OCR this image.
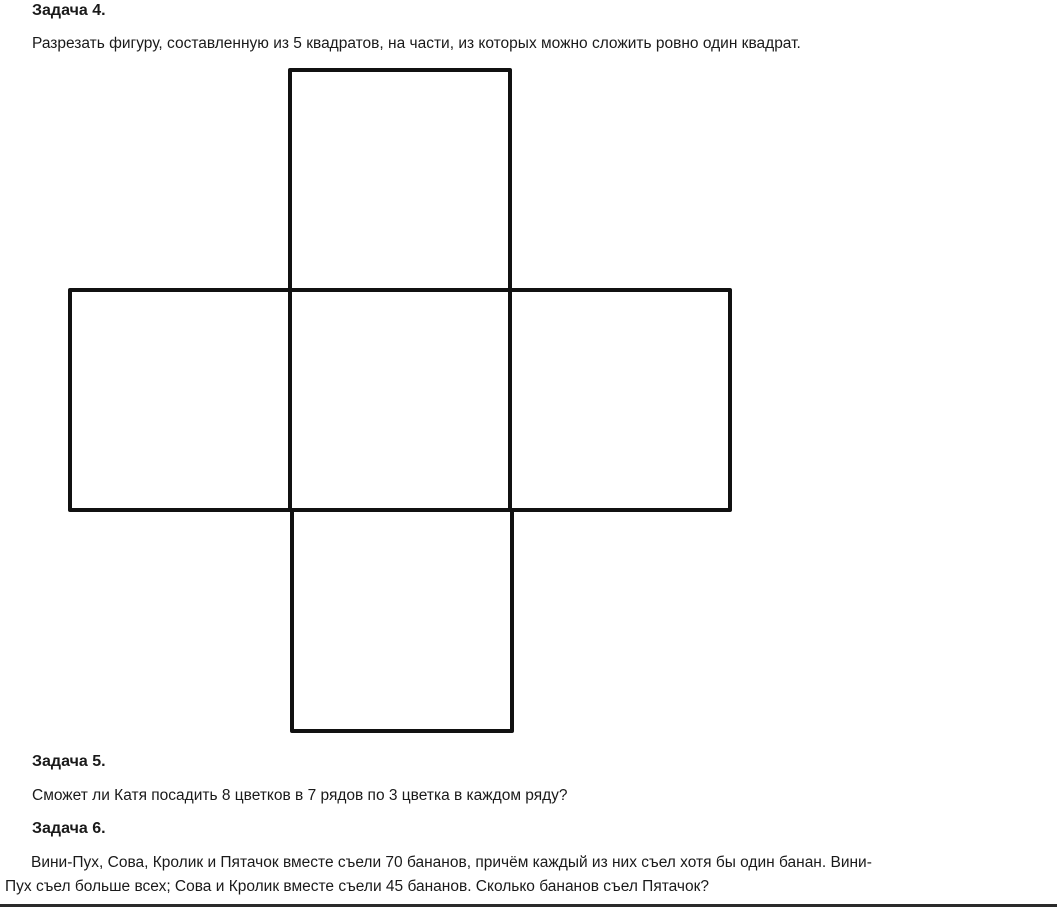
Задача 4.
Разрезать фигуру, составленную из 5 квадратов, на части, из которых можно сложить ровно один квадрат.
Задача 5.
Сможет ли Катя посадить 8 цветков в 7 рядов по 3 цветка в каждом ряду?
Задача 6.
Вини-Пух, Сова, Кролик и Пятачок вместе съели 70 бананов, причём каждый из них съел хотя бы один банан. Вини-
Пух съел больше всех; Сова и Кролик вместе съели 45 бананов. Сколько бананов съел Пятачок?
